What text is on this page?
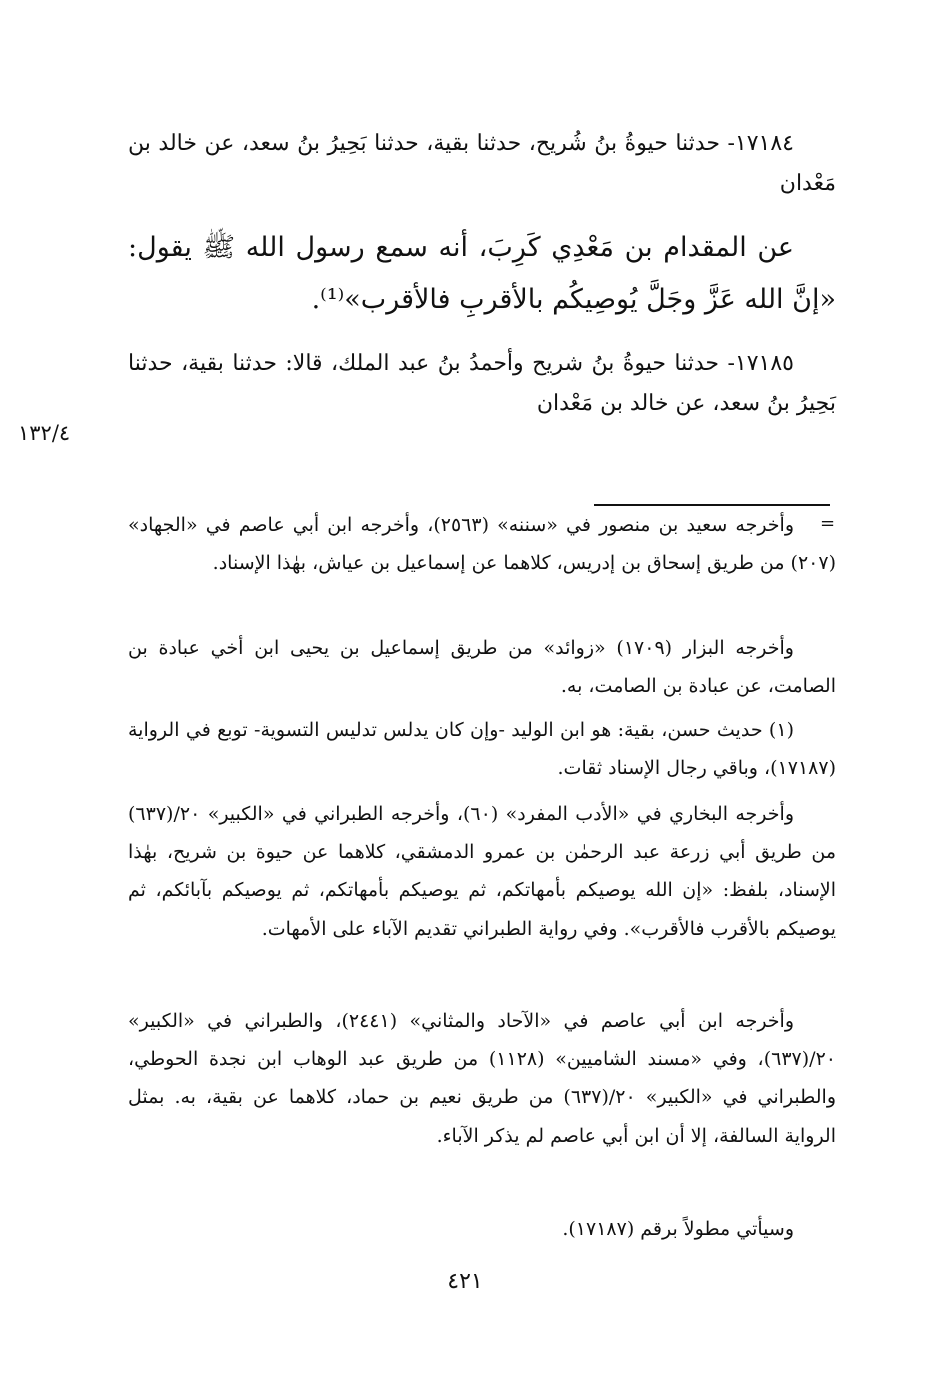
١٧١٨٤- حدثنا حيوةُ بنُ شُريح، حدثنا بقية، حدثنا بَحِيرُ بنُ سعد، عن خالد بن مَعْدان
عن المقدام بن مَعْدِي كَرِبَ، أنه سمع رسول الله ﷺ يقول: «إنَّ الله عَزَّ وجَلَّ يُوصِيكُم بالأقربِ فالأقرب»⁽¹⁾.
١٧١٨٥- حدثنا حيوةُ بنُ شريح وأحمدُ بنُ عبد الملك، قالا: حدثنا بقية، حدثنا بَحِيرُ بنُ سعد، عن خالد بن مَعْدان
١٣٢/٤
=
وأخرجه سعيد بن منصور في «سننه» (٢٥٦٣)، وأخرجه ابن أبي عاصم في «الجهاد» (٢٠٧) من طريق إسحاق بن إدريس، كلاهما عن إسماعيل بن عياش، بهٰذا الإسناد.
وأخرجه البزار (١٧٠٩) «زوائد» من طريق إسماعيل بن يحيى ابن أخي عبادة بن الصامت، عن عبادة بن الصامت، به.
(١) حديث حسن، بقية: هو ابن الوليد -وإن كان يدلس تدليس التسوية- توبع في الرواية (١٧١٨٧)، وباقي رجال الإسناد ثقات.
وأخرجه البخاري في «الأدب المفرد» (٦٠)، وأخرجه الطبراني في «الكبير» ٢٠/(٦٣٧) من طريق أبي زرعة عبد الرحمٰن بن عمرو الدمشقي، كلاهما عن حيوة بن شريح، بهٰذا الإسناد، بلفظ: «إن الله يوصيكم بأمهاتكم، ثم يوصيكم بأمهاتكم، ثم يوصيكم بآبائكم، ثم يوصيكم بالأقرب فالأقرب». وفي رواية الطبراني تقديم الآباء على الأمهات.
وأخرجه ابن أبي عاصم في «الآحاد والمثاني» (٢٤٤١)، والطبراني في «الكبير» ٢٠/(٦٣٧)، وفي «مسند الشاميين» (١١٢٨) من طريق عبد الوهاب ابن نجدة الحوطي، والطبراني في «الكبير» ٢٠/(٦٣٧) من طريق نعيم بن حماد، كلاهما عن بقية، به. بمثل الرواية السالفة، إلا أن ابن أبي عاصم لم يذكر الآباء.
وسيأتي مطولاً برقم (١٧١٨٧).
٤٢١
